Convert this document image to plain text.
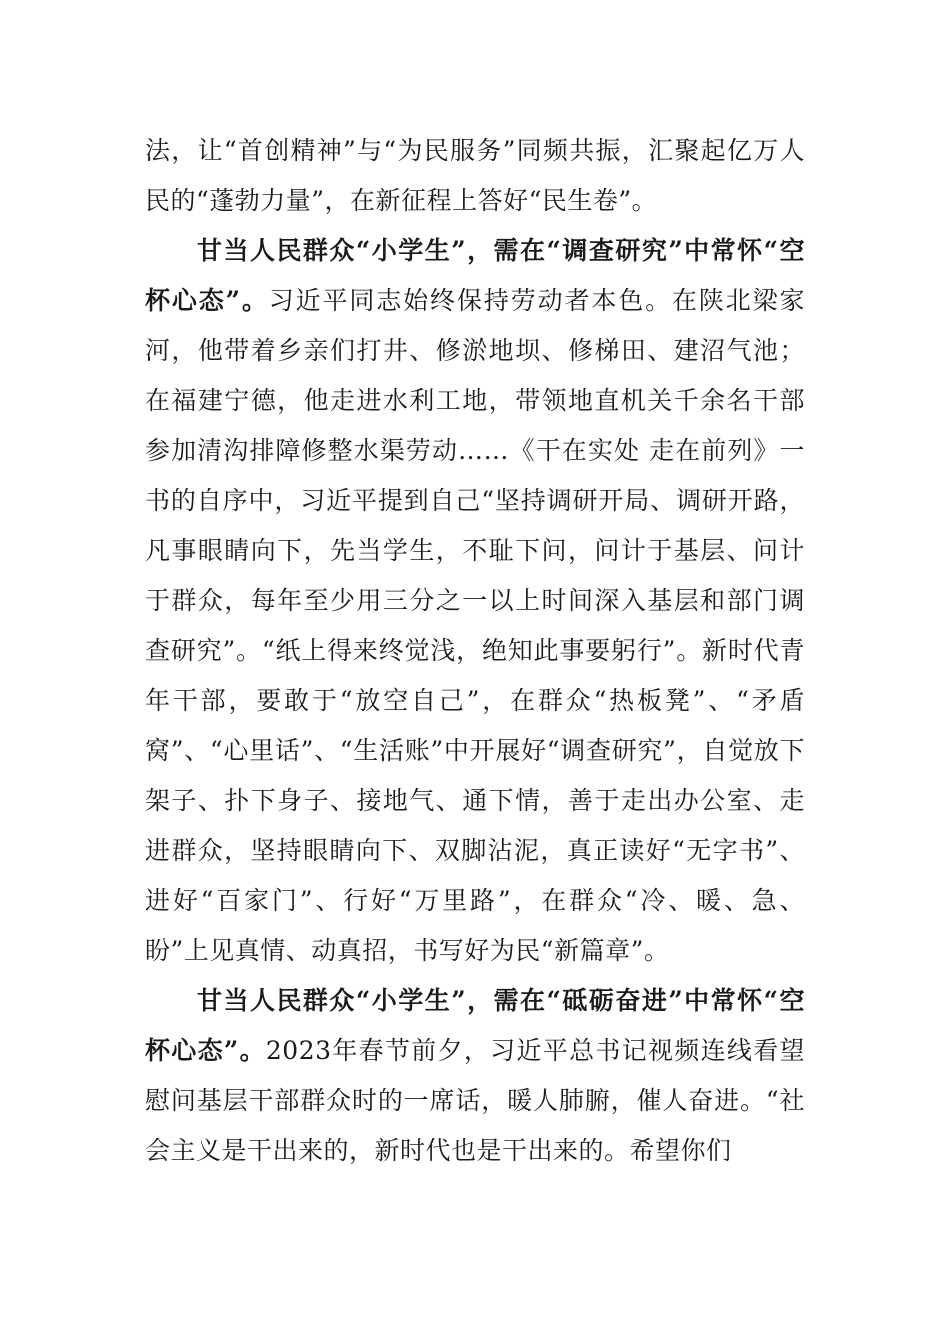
法，让“首创精神”与“为民服务”同频共振，汇聚起亿万人民的“蓬勃力量”，在新征程上答好“民生卷”。

甘当人民群众“小学生”，需在“调查研究”中常怀“空杯心态”。习近平同志始终保持劳动者本色。在陕北梁家河，他带着乡亲们打井、修淤地坝、修梯田、建沼气池；在福建宁德，他走进水利工地，带领地直机关千余名干部参加清沟排障修整水渠劳动……《干在实处 走在前列》一书的自序中，习近平提到自己“坚持调研开局、调研开路，凡事眼睛向下，先当学生，不耻下问，问计于基层、问计于群众，每年至少用三分之一以上时间深入基层和部门调查研究”。“纸上得来终觉浅，绝知此事要躬行”。新时代青年干部，要敢于“放空自己”，在群众“热板凳”、“矛盾窝”、“心里话”、“生活账”中开展好“调查研究”，自觉放下架子、扑下身子、接地气、通下情，善于走出办公室、走进群众，坚持眼睛向下、双脚沾泥，真正读好“无字书”、进好“百家门”、行好“万里路”，在群众“冷、暖、急、盼”上见真情、动真招，书写好为民“新篇章”。

甘当人民群众“小学生”，需在“砥砺奋进”中常怀“空杯心态”。2023年春节前夕，习近平总书记视频连线看望慰问基层干部群众时的一席话，暖人肺腑，催人奋进。“社会主义是干出来的，新时代也是干出来的。希望你们
